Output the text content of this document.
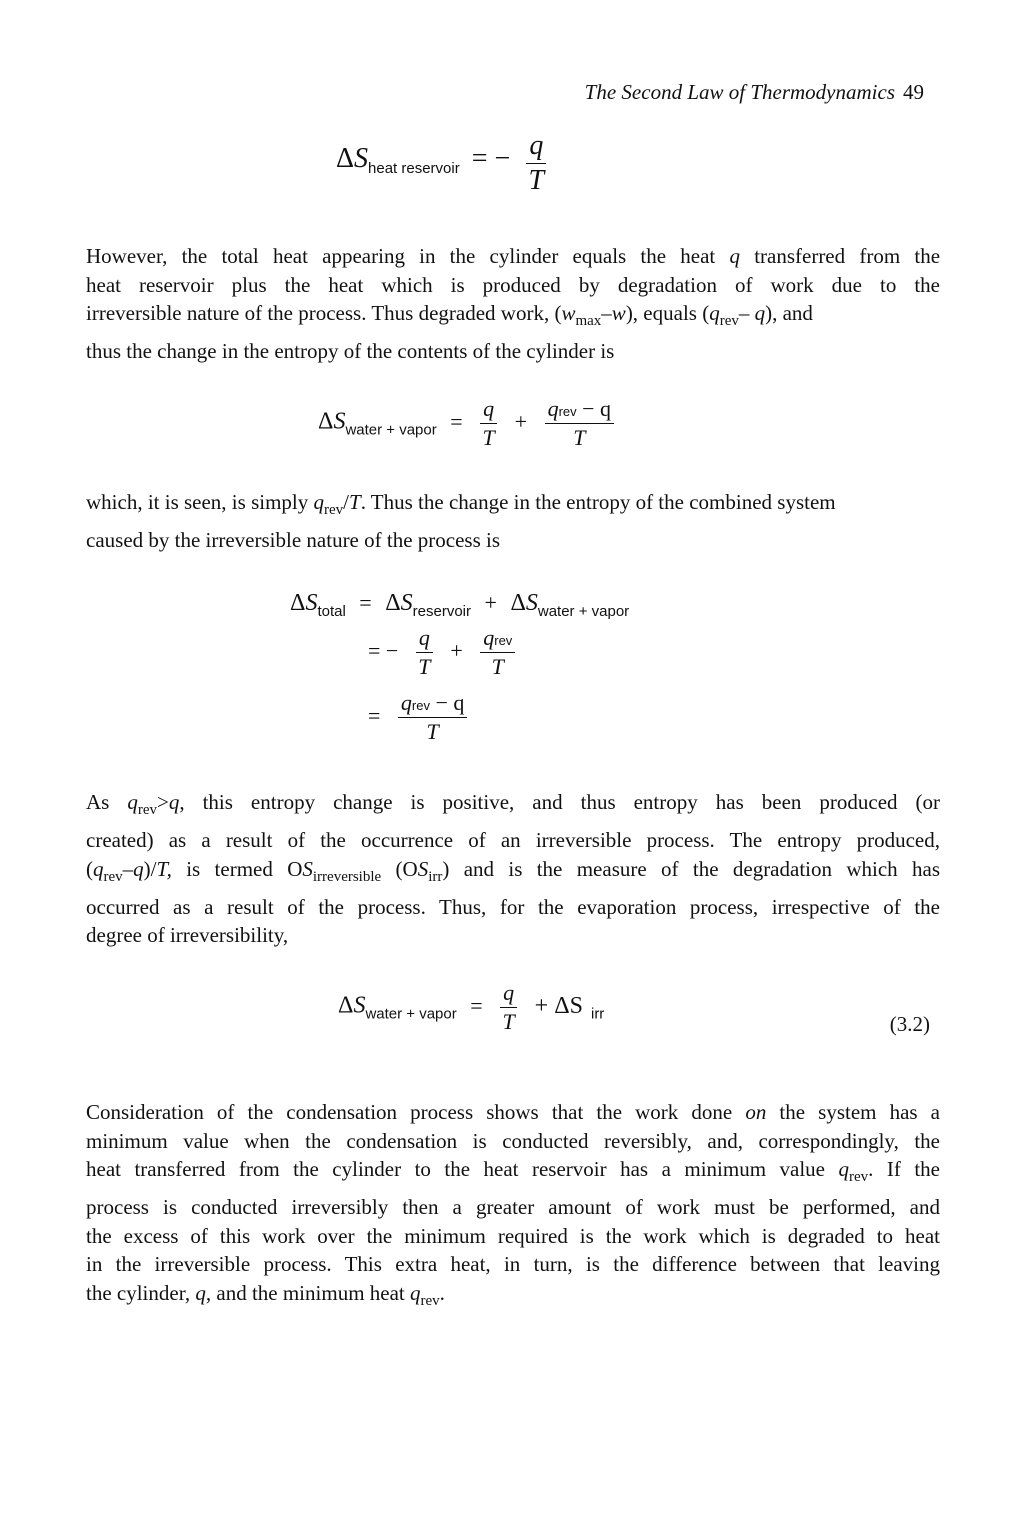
The Second Law of Thermodynamics 49
ΔSheat reservoir = − $\frac{q}{T}$
However, the total heat appearing in the cylinder equals the heat q transferred from the
heat reservoir plus the heat which is produced by degradation of work due to the
irreversible nature of the process. Thus degraded work, $(w_{max}-w)$, equals ($q_{rev}-$ q), and
thus the change in the entropy of the contents of the cylinder is
$\Delta S_{water + vapor} = \frac{q}{T} + \frac{\text{qrev − q}}{T}$
which, it is seen, is simply $q_{rev}/T$. Thus the change in the entropy of the combined system
caused by the irreversible nature of the process is
$\Delta S_{total} = \Delta S_{reservoir} + \Delta S_{water + vapor}$
= − $\frac{q}{T} + \frac{\text{qrev}}{T}$
= $\frac{\text{qrev − q}}{T}$
As $q_{rev}>q$, this entropy change is positive, and thus entropy has been produced (or
created) as a result of the occurrence of an irreversible process. The entropy produced,
$(q_{rev}-q)/T$, is termed $OS_{irreversible}$ $(OS_{irr})$ and is the measure of the degradation which has
occurred as a result of the process. Thus, for the evaporation process, irrespective of the
degree of irreversibility,
$\Delta S_{water + vapor} = \frac{q}{T} + \Delta S$ $_{irr}$	(3.2)
Consideration of the condensation process shows that the work done on the system has a
minimum value when the condensation is conducted reversibly, and, correspondingly, the
heat transferred from the cylinder to the heat reservoir has a minimum value $q_{rev}$. If the
process is conducted irreversibly then a greater amount of work must be performed, and
the excess of this work over the minimum required is the work which is degraded to heat
in the irreversible process. This extra heat, in turn, is the difference between that leaving
the cylinder, q, and the minimum heat $q_{rev}$.
